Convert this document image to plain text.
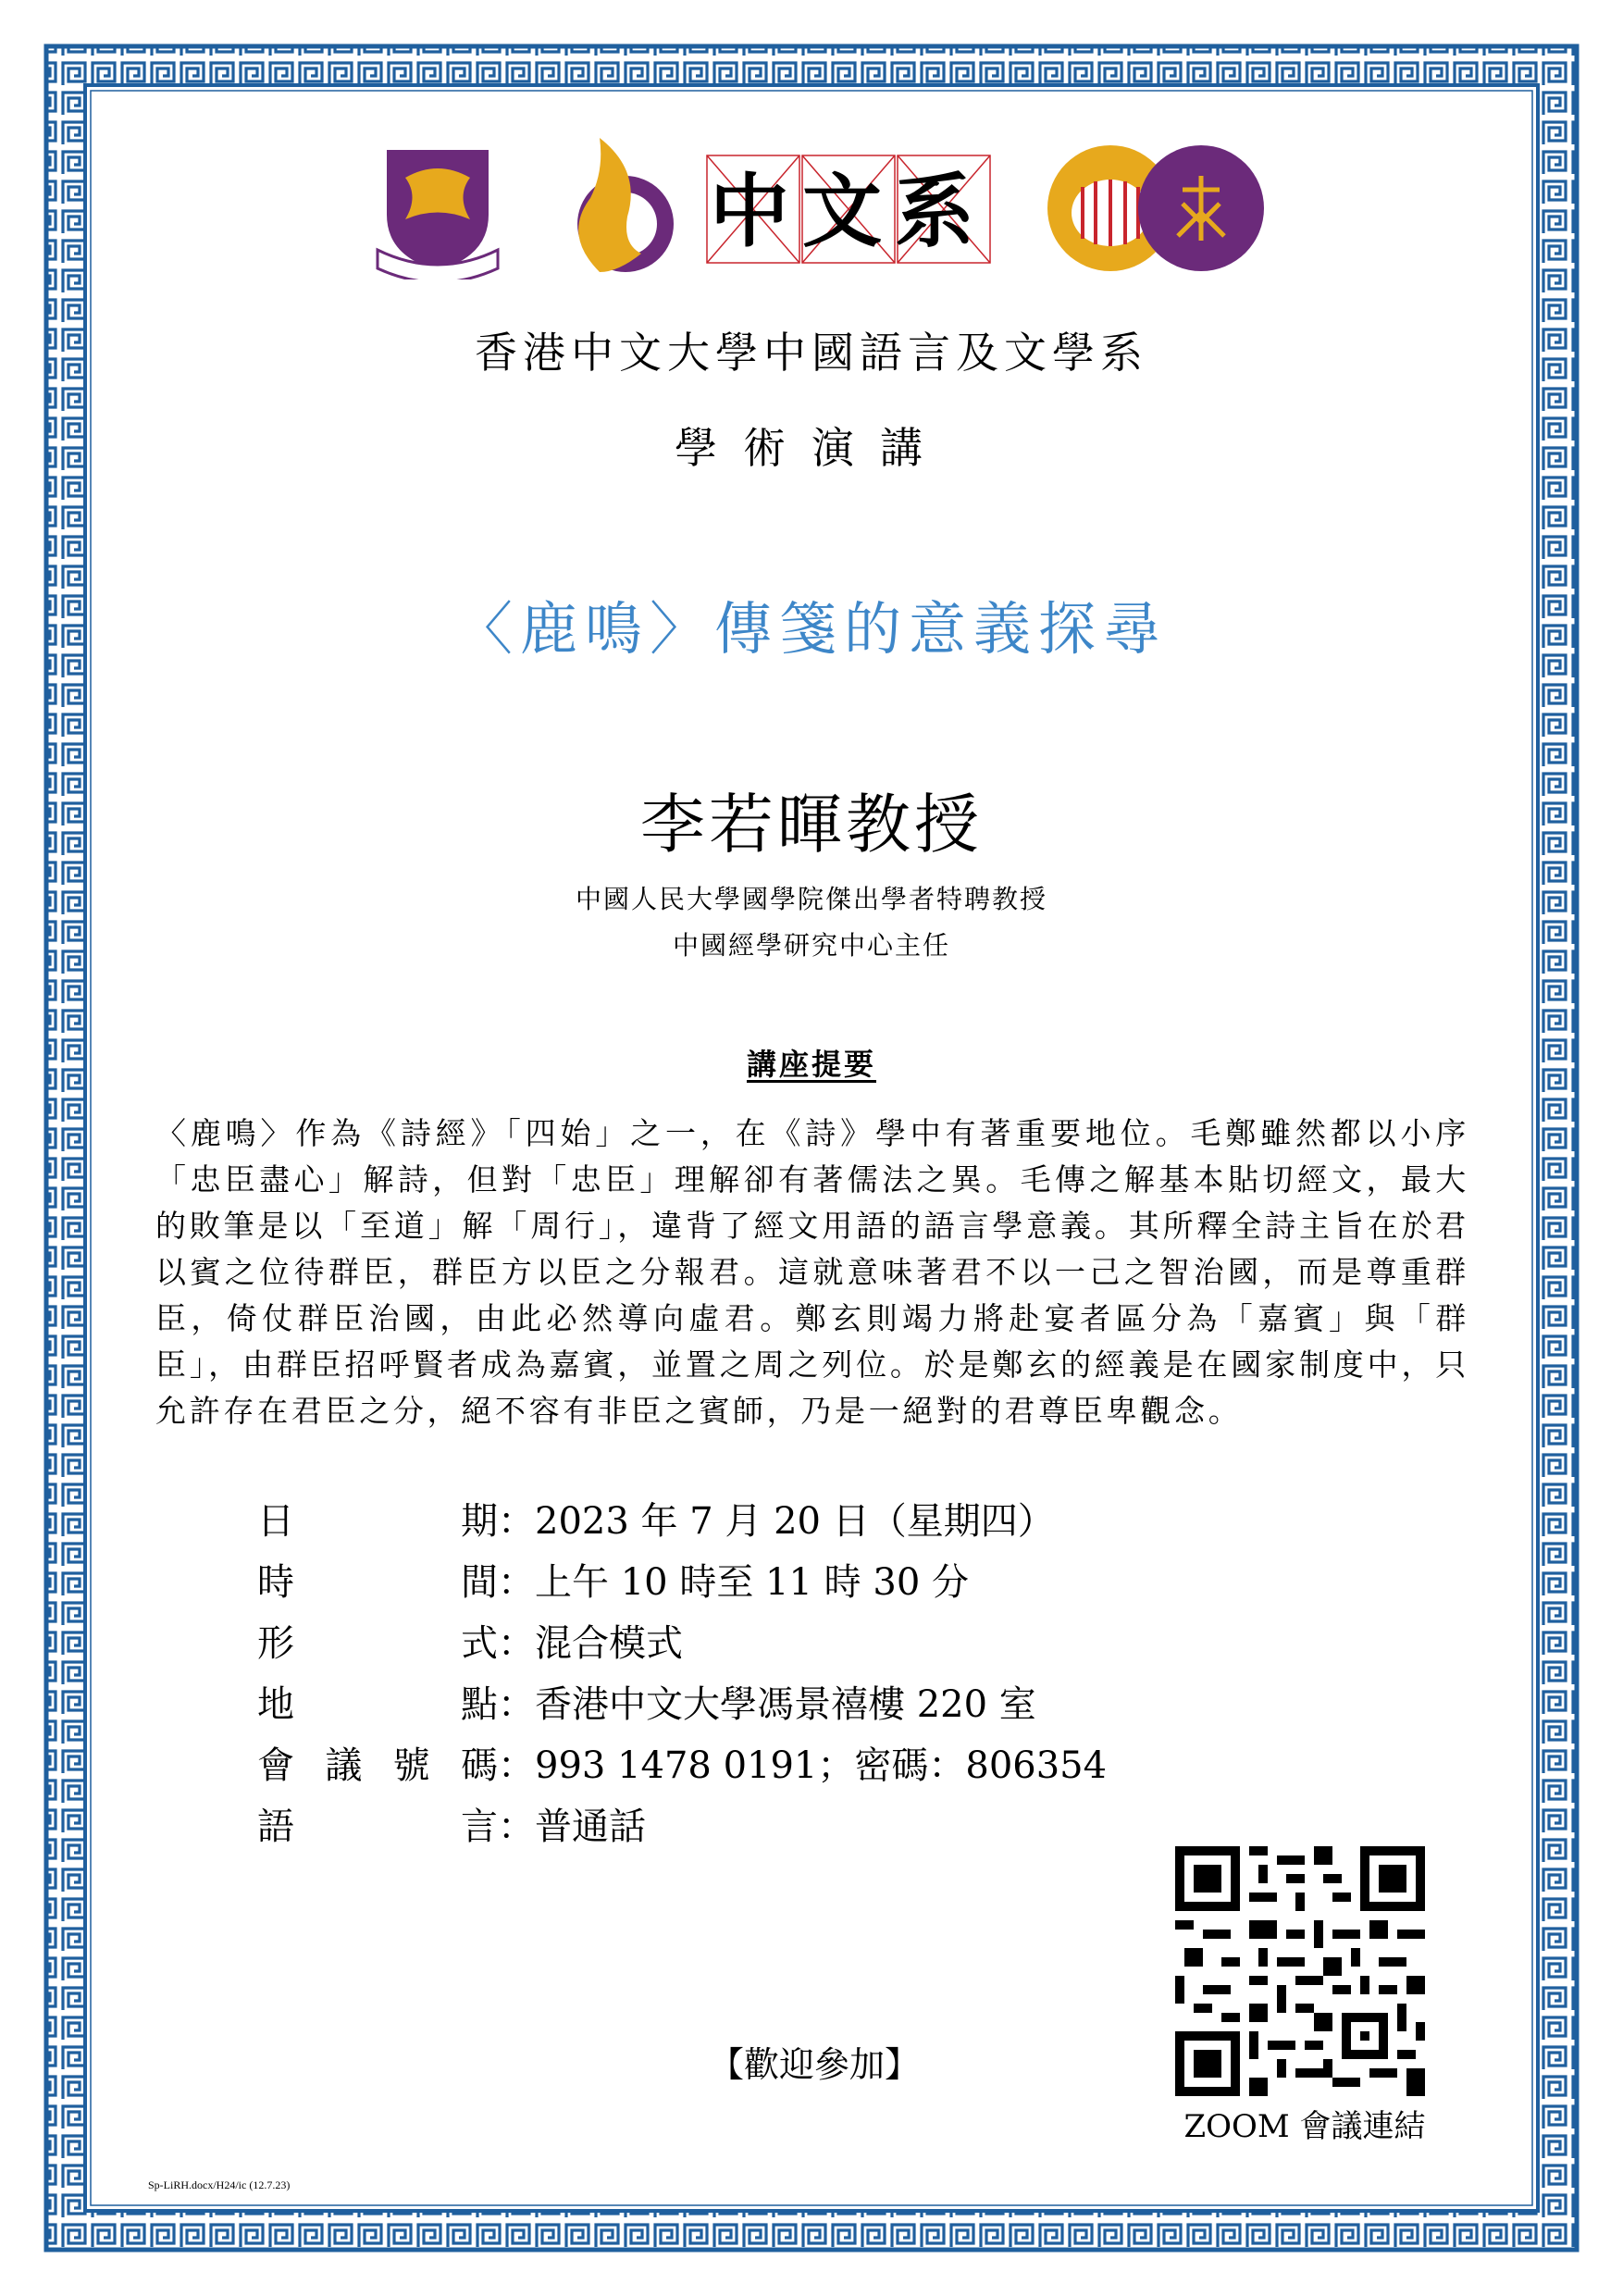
中文系
香港中文大學中國語言及文學系
學術演講
〈鹿鳴〉傳箋的意義探尋
李若暉教授
中國人民大學國學院傑出學者特聘教授
中國經學研究中心主任
講座提要
〈鹿鳴〉作為《詩經》「四始」之一，在《詩》學中有著重要地位。毛鄭雖然都以小序「忠臣盡心」解詩，但對「忠臣」理解卻有著儒法之異。毛傳之解基本貼切經文，最大的敗筆是以「至道」解「周行」，違背了經文用語的語言學意義。其所釋全詩主旨在於君以賓之位待群臣，群臣方以臣之分報君。這就意味著君不以一己之智治國，而是尊重群臣，倚仗群臣治國，由此必然導向虛君。鄭玄則竭力將赴宴者區分為「嘉賓」與「群臣」，由群臣招呼賢者成為嘉賓，並置之周之列位。於是鄭玄的經義是在國家制度中，只允許存在君臣之分，絕不容有非臣之賓師，乃是一絕對的君尊臣卑觀念。
日	期 ： 2023 年 7 月 20 日（星期四）
時	間 ： 上午 10 時至 11 時 30 分
形	式 ： 混合模式
地	點 ： 香港中文大學馮景禧樓 220 室
會 議 號 碼 ： 993 1478 0191；密碼：806354
語	言 ： 普通話
ZOOM 會議連結
【歡迎參加】
Sp-LiRH.docx/H24/ic (12.7.23)
